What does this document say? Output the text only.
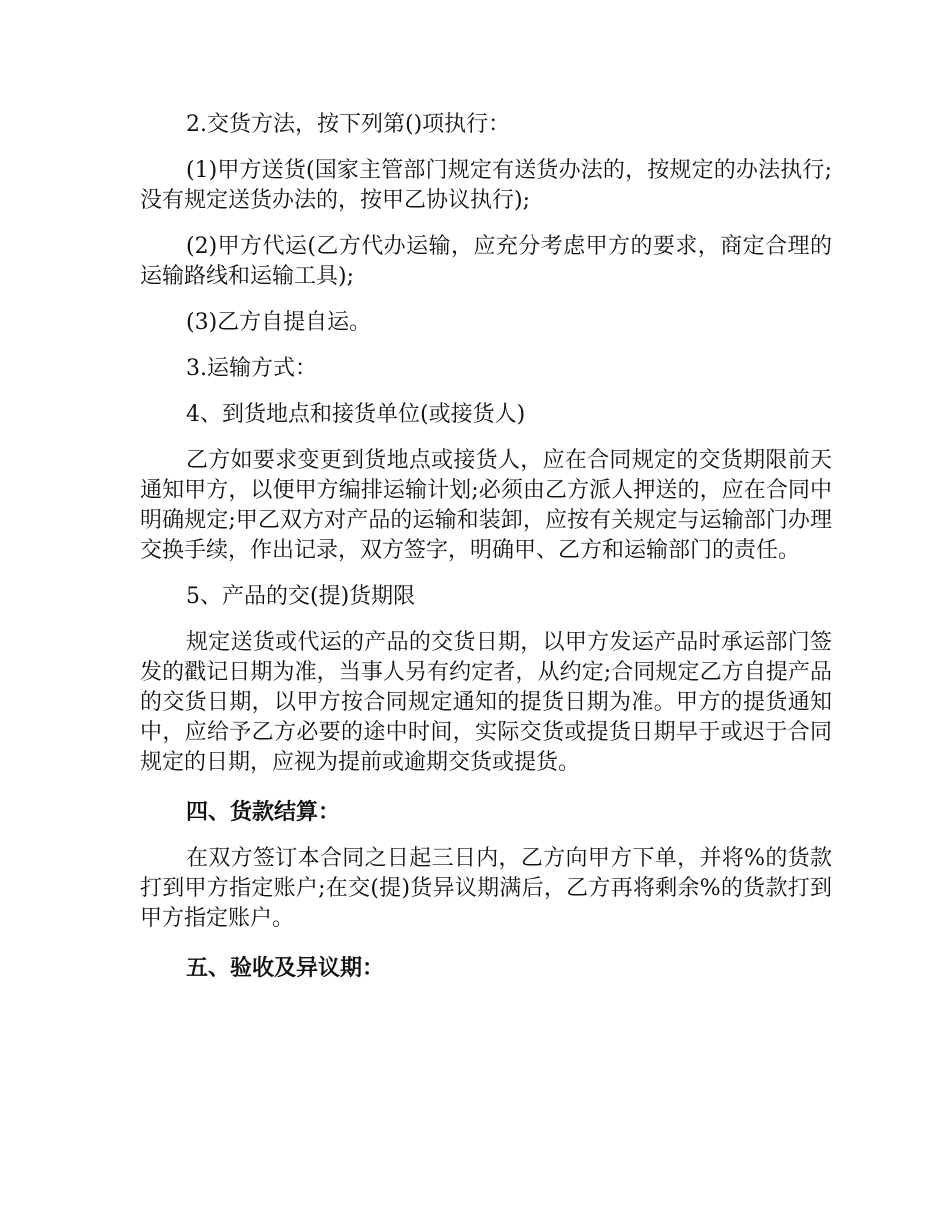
2.交货方法，按下列第()项执行：

(1)甲方送货(国家主管部门规定有送货办法的，按规定的办法执行;没有规定送货办法的，按甲乙协议执行);

(2)甲方代运(乙方代办运输，应充分考虑甲方的要求，商定合理的运输路线和运输工具);

(3)乙方自提自运。

3.运输方式：

4、到货地点和接货单位(或接货人)

乙方如要求变更到货地点或接货人，应在合同规定的交货期限前天通知甲方，以便甲方编排运输计划;必须由乙方派人押送的，应在合同中明确规定;甲乙双方对产品的运输和装卸，应按有关规定与运输部门办理交换手续，作出记录，双方签字，明确甲、乙方和运输部门的责任。

5、产品的交(提)货期限

规定送货或代运的产品的交货日期，以甲方发运产品时承运部门签发的戳记日期为准，当事人另有约定者，从约定;合同规定乙方自提产品的交货日期，以甲方按合同规定通知的提货日期为准。甲方的提货通知中，应给予乙方必要的途中时间，实际交货或提货日期早于或迟于合同规定的日期，应视为提前或逾期交货或提货。

四、货款结算：

在双方签订本合同之日起三日内，乙方向甲方下单，并将%的货款打到甲方指定账户;在交(提)货异议期满后，乙方再将剩余%的货款打到甲方指定账户。

五、验收及异议期：
